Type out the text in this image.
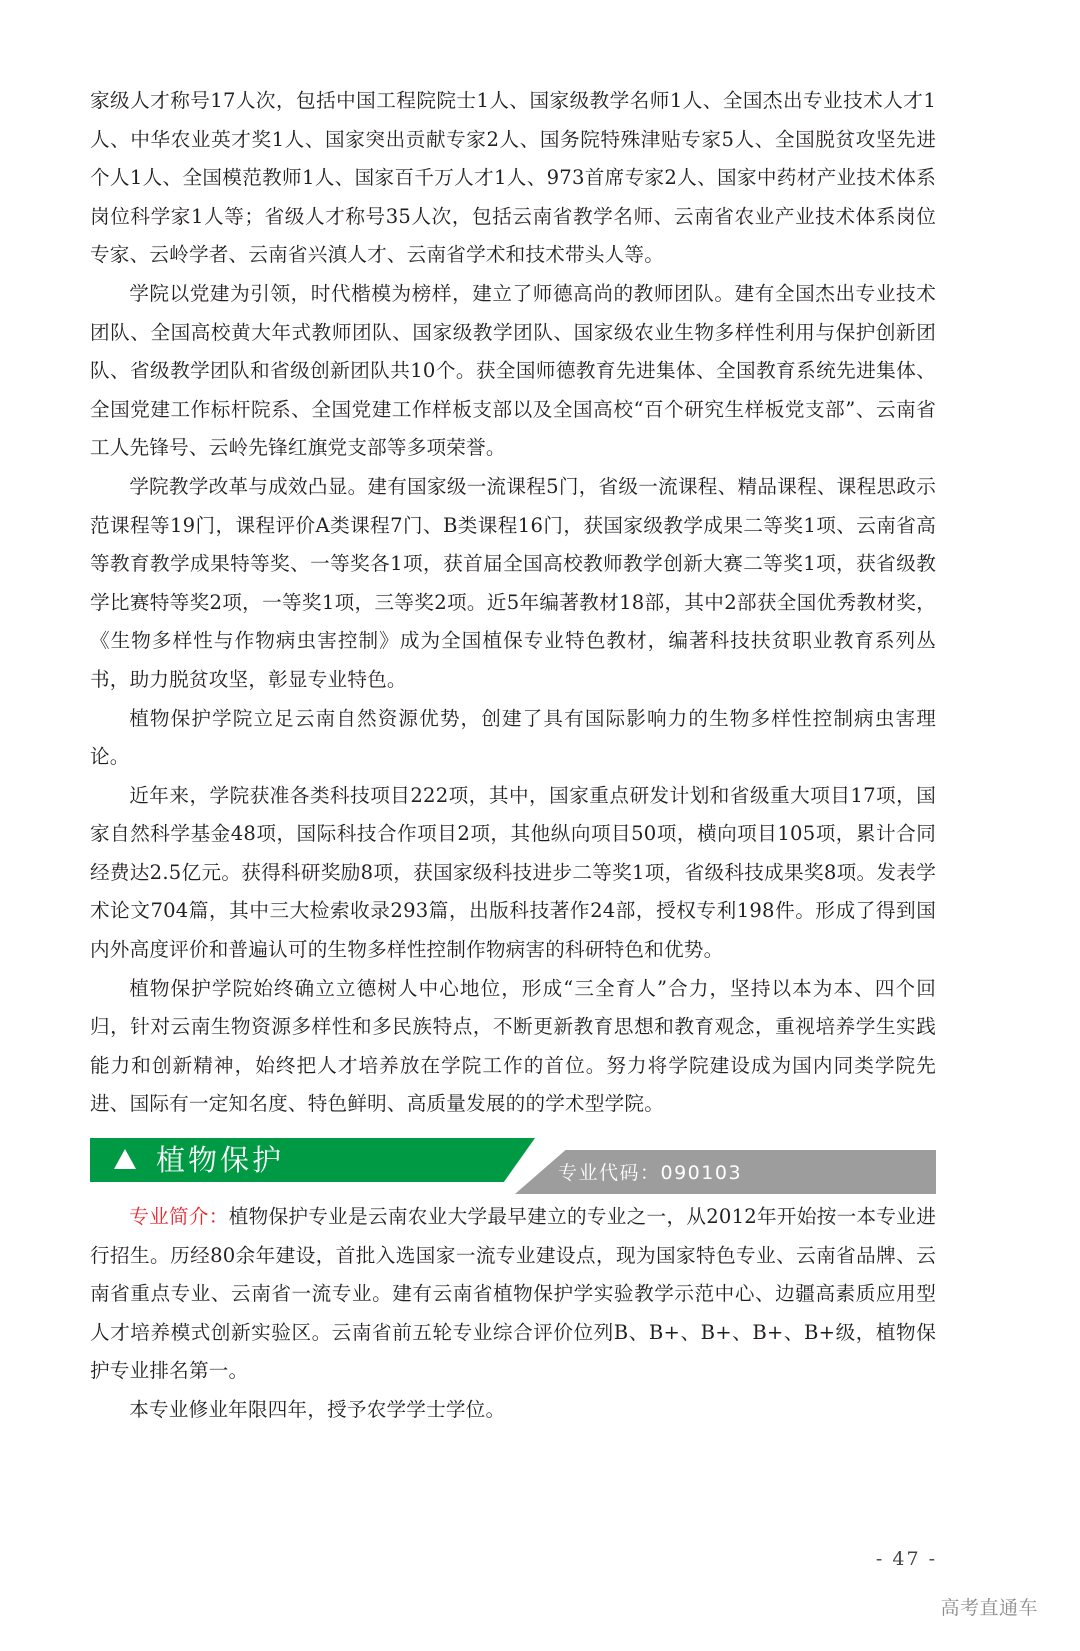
家级人才称号17人次，包括中国工程院院士1人、国家级教学名师1人、全国杰出专业技术人才1人、中华农业英才奖1人、国家突出贡献专家2人、国务院特殊津贴专家5人、全国脱贫攻坚先进个人1人、全国模范教师1人、国家百千万人才1人、973首席专家2人、国家中药材产业技术体系岗位科学家1人等；省级人才称号35人次，包括云南省教学名师、云南省农业产业技术体系岗位专家、云岭学者、云南省兴滇人才、云南省学术和技术带头人等。

学院以党建为引领，时代楷模为榜样，建立了师德高尚的教师团队。建有全国杰出专业技术团队、全国高校黄大年式教师团队、国家级教学团队、国家级农业生物多样性利用与保护创新团队、省级教学团队和省级创新团队共10个。获全国师德教育先进集体、全国教育系统先进集体、全国党建工作标杆院系、全国党建工作样板支部以及全国高校“百个研究生样板党支部”、云南省工人先锋号、云岭先锋红旗党支部等多项荣誉。

学院教学改革与成效凸显。建有国家级一流课程5门，省级一流课程、精品课程、课程思政示范课程等19门，课程评价A类课程7门、B类课程16门，获国家级教学成果二等奖1项、云南省高等教育教学成果特等奖、一等奖各1项，获首届全国高校教师教学创新大赛二等奖1项，获省级教学比赛特等奖2项，一等奖1项，三等奖2项。近5年编著教材18部，其中2部获全国优秀教材奖，《生物多样性与作物病虫害控制》成为全国植保专业特色教材，编著科技扶贫职业教育系列丛书，助力脱贫攻坚，彰显专业特色。

植物保护学院立足云南自然资源优势，创建了具有国际影响力的生物多样性控制病虫害理论。

近年来，学院获准各类科技项目222项，其中，国家重点研发计划和省级重大项目17项，国家自然科学基金48项，国际科技合作项目2项，其他纵向项目50项，横向项目105项，累计合同经费达2.5亿元。获得科研奖励8项，获国家级科技进步二等奖1项，省级科技成果奖8项。发表学术论文704篇，其中三大检索收录293篇，出版科技著作24部，授权专利198件。形成了得到国内外高度评价和普遍认可的生物多样性控制作物病害的科研特色和优势。

植物保护学院始终确立立德树人中心地位，形成“三全育人”合力，坚持以本为本、四个回归，针对云南生物资源多样性和多民族特点，不断更新教育思想和教育观念，重视培养学生实践能力和创新精神，始终把人才培养放在学院工作的首位。努力将学院建设成为国内同类学院先进、国际有一定知名度、特色鲜明、高质量发展的的学术型学院。

植物保护	专业代码：090103

专业简介：植物保护专业是云南农业大学最早建立的专业之一，从2012年开始按一本专业进行招生。历经80余年建设，首批入选国家一流专业建设点，现为国家特色专业、云南省品牌、云南省重点专业、云南省一流专业。建有云南省植物保护学实验教学示范中心、边疆高素质应用型人才培养模式创新实验区。云南省前五轮专业综合评价位列B、B+、B+、B+、B+级，植物保护专业排名第一。

本专业修业年限四年，授予农学学士学位。

- 47 -
高考直通车
